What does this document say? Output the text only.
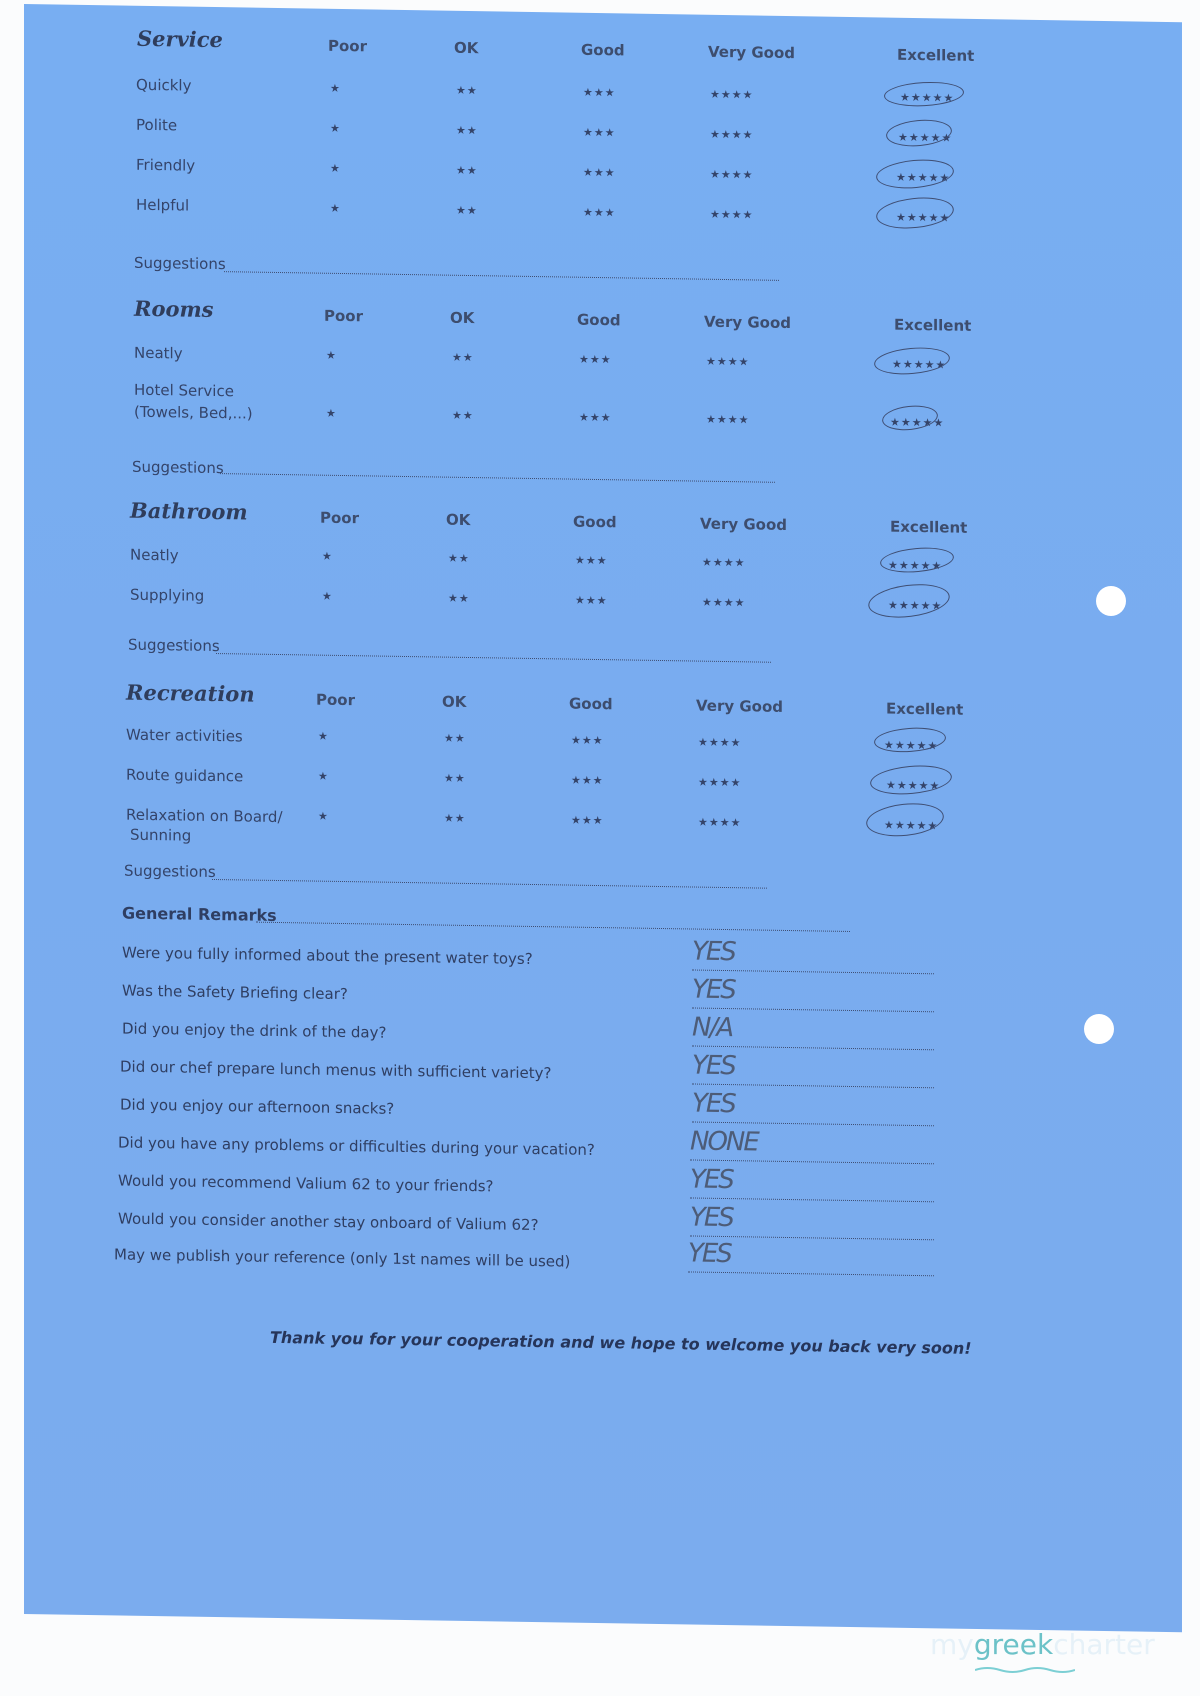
Service	Poor	OK	Good	Very Good	Excellent
Quickly	★	★★	★★★	★★★★	★★★★★
Polite	★	★★	★★★	★★★★	★★★★★
Friendly	★	★★	★★★	★★★★	★★★★★
Helpful	★	★★	★★★	★★★★	★★★★★
Suggestions
Rooms	Poor	OK	Good	Very Good	Excellent
Neatly	★	★★	★★★	★★★★	★★★★★
Hotel Service
(Towels, Bed,...)	★	★★	★★★	★★★★	★★★★★
Suggestions
Bathroom	Poor	OK	Good	Very Good	Excellent
Neatly	★	★★	★★★	★★★★	★★★★★
Supplying	★	★★	★★★	★★★★	★★★★★
Suggestions
Recreation	Poor	OK	Good	Very Good	Excellent
Water activities	★	★★	★★★	★★★★	★★★★★
Route guidance	★	★★	★★★	★★★★	★★★★★
Relaxation on Board/
Sunning
★	★★	★★★	★★★★	★★★★★
Suggestions
General Remarks
Were you fully informed about the present water toys?	YES
Was the Safety Briefing clear?	YES
Did you enjoy the drink of the day?	N/A
Did our chef prepare lunch menus with sufficient variety?	YES
Did you enjoy our afternoon snacks?	YES
Did you have any problems or difficulties during your vacation?	NONE
Would you recommend Valium 62 to your friends?	YES
Would you consider another stay onboard of Valium 62?	YES
May we publish your reference (only 1st names will be used)	YES
Thank you for your cooperation and we hope to welcome you back very soon!
mygreekcharter
